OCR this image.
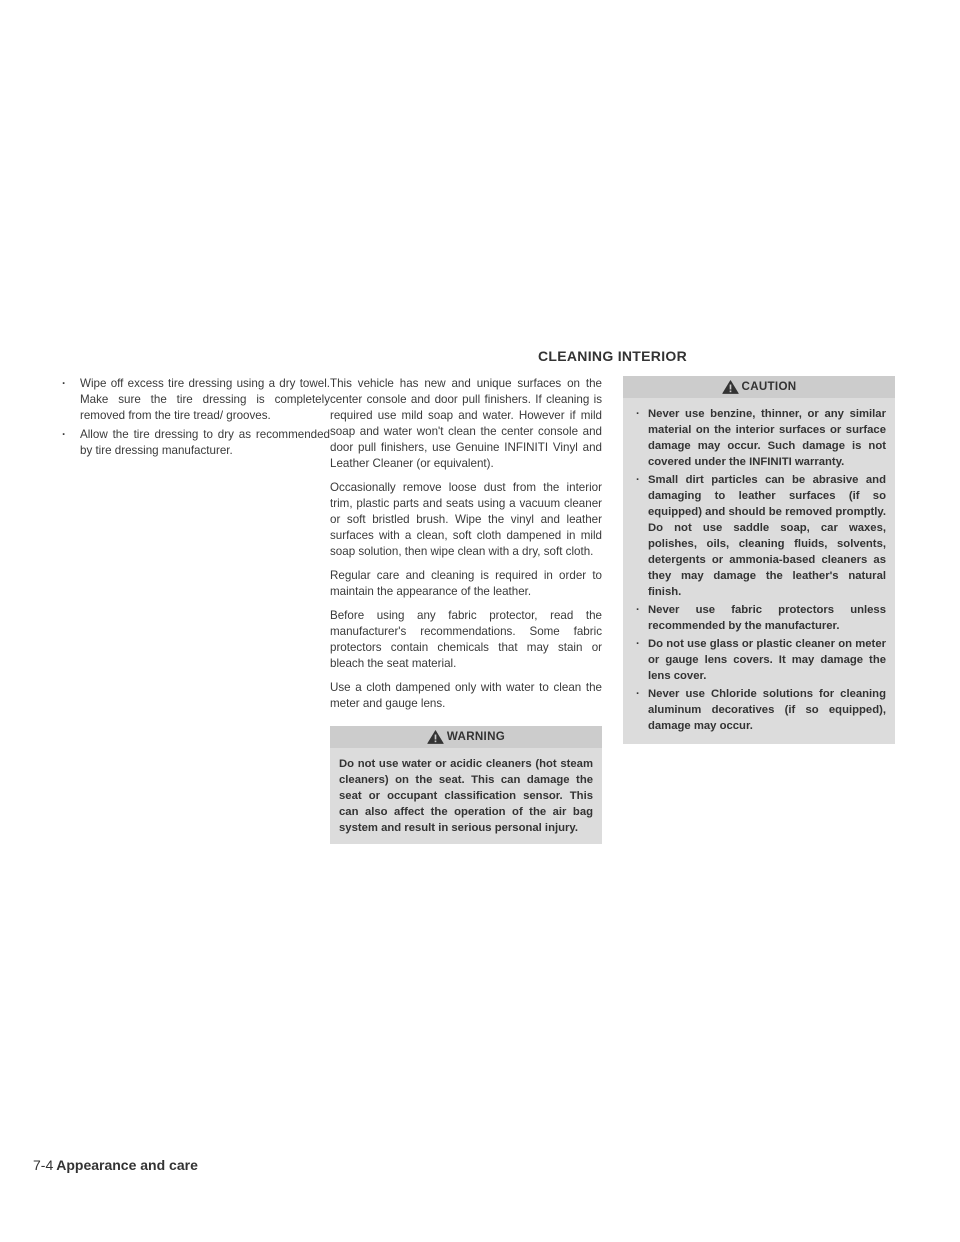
CLEANING INTERIOR
· Wipe off excess tire dressing using a dry towel. Make sure the tire dressing is completely removed from the tire tread/ grooves.
· Allow the tire dressing to dry as recommended by tire dressing manufacturer.

This vehicle has new and unique surfaces on the center console and door pull finishers. If cleaning is required use mild soap and water. However if mild soap and water won't clean the center console and door pull finishers, use Genuine INFINITI Vinyl and Leather Cleaner (or equivalent).

Occasionally remove loose dust from the interior trim, plastic parts and seats using a vacuum cleaner or soft bristled brush. Wipe the vinyl and leather surfaces with a clean, soft cloth dampened in mild soap solution, then wipe clean with a dry, soft cloth.

Regular care and cleaning is required in order to maintain the appearance of the leather.

Before using any fabric protector, read the manufacturer's recommendations. Some fabric protectors contain chemicals that may stain or bleach the seat material.

Use a cloth dampened only with water to clean the meter and gauge lens.

WARNING

Do not use water or acidic cleaners (hot steam cleaners) on the seat. This can damage the seat or occupant classification sensor. This can also affect the operation of the air bag system and result in serious personal injury.

CAUTION
· Never use benzine, thinner, or any similar material on the interior surfaces or surface damage may occur. Such damage is not covered under the INFINITI warranty.
· Small dirt particles can be abrasive and damaging to leather surfaces (if so equipped) and should be removed promptly. Do not use saddle soap, car waxes, polishes, oils, cleaning fluids, solvents, detergents or ammonia-based cleaners as they may damage the leather's natural finish.
· Never use fabric protectors unless recommended by the manufacturer.
· Do not use glass or plastic cleaner on meter or gauge lens covers. It may damage the lens cover.
· Never use Chloride solutions for cleaning aluminum decoratives (if so equipped), damage may occur.
7-4 Appearance and care
